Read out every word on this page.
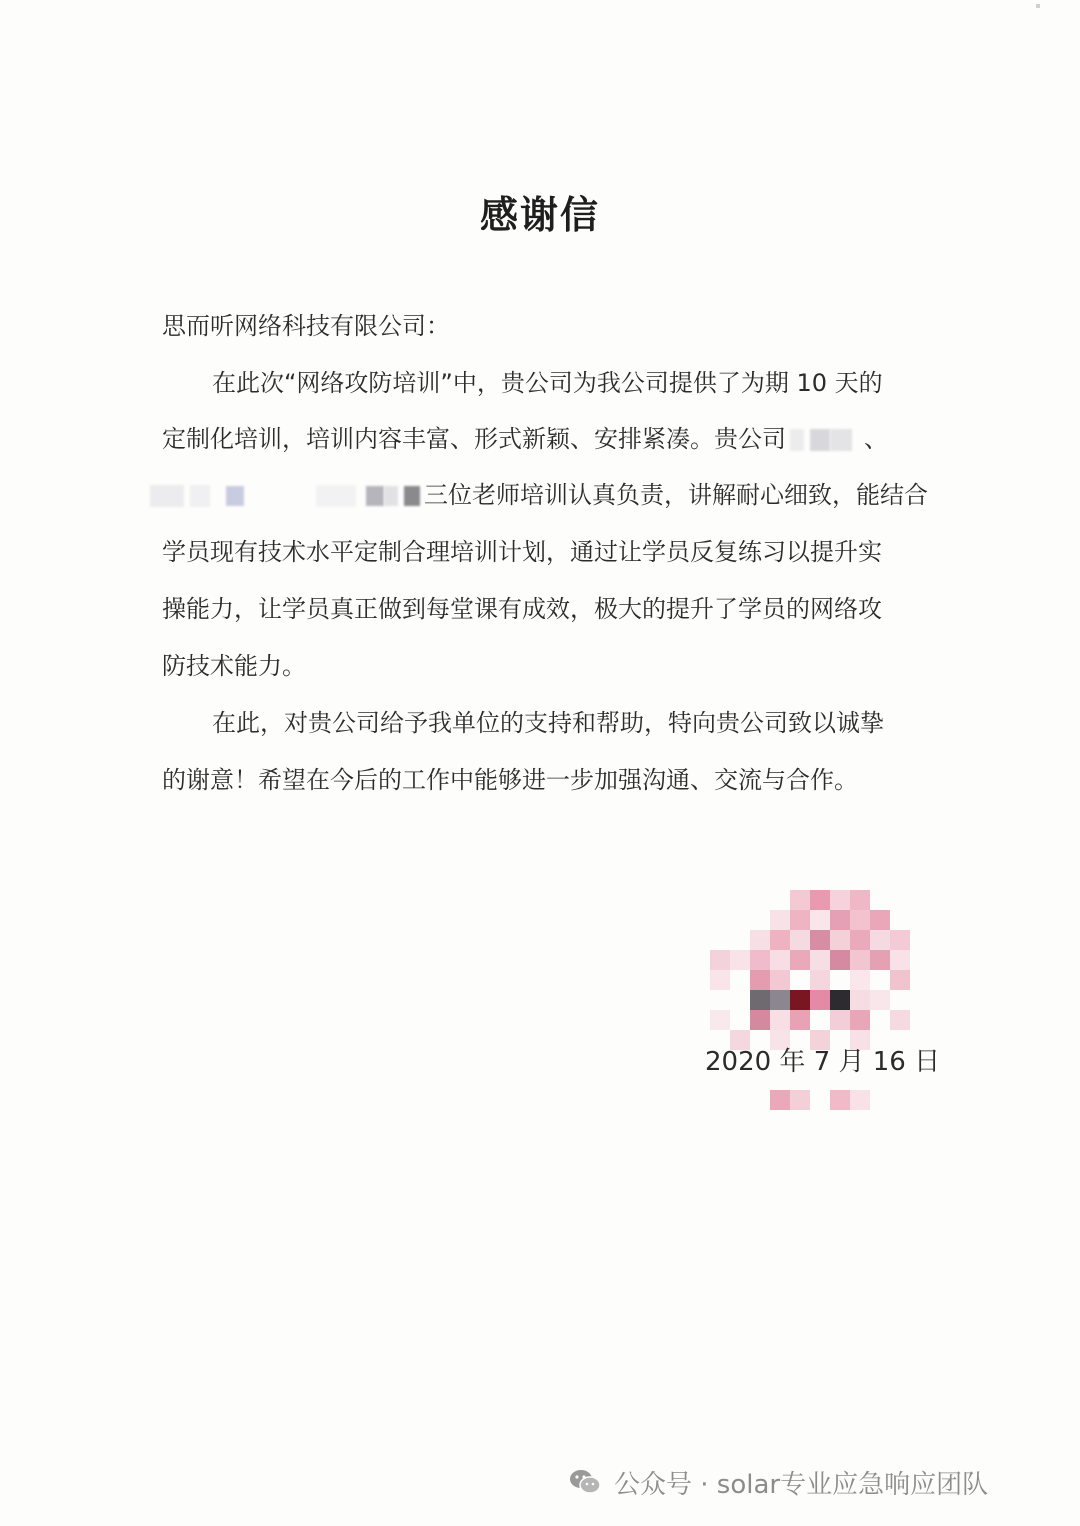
感谢信
思而听网络科技有限公司：
在此次“网络攻防培训”中，贵公司为我公司提供了为期 10 天的
定制化培训，培训内容丰富、形式新颖、安排紧凑。贵公司	、
三位老师培训认真负责，讲解耐心细致，能结合
学员现有技术水平定制合理培训计划，通过让学员反复练习以提升实
操能力，让学员真正做到每堂课有成效，极大的提升了学员的网络攻
防技术能力。
在此，对贵公司给予我单位的支持和帮助，特向贵公司致以诚挚
的谢意！希望在今后的工作中能够进一步加强沟通、交流与合作。
2020 年 7 月 16 日
公众号 · solar专业应急响应团队
